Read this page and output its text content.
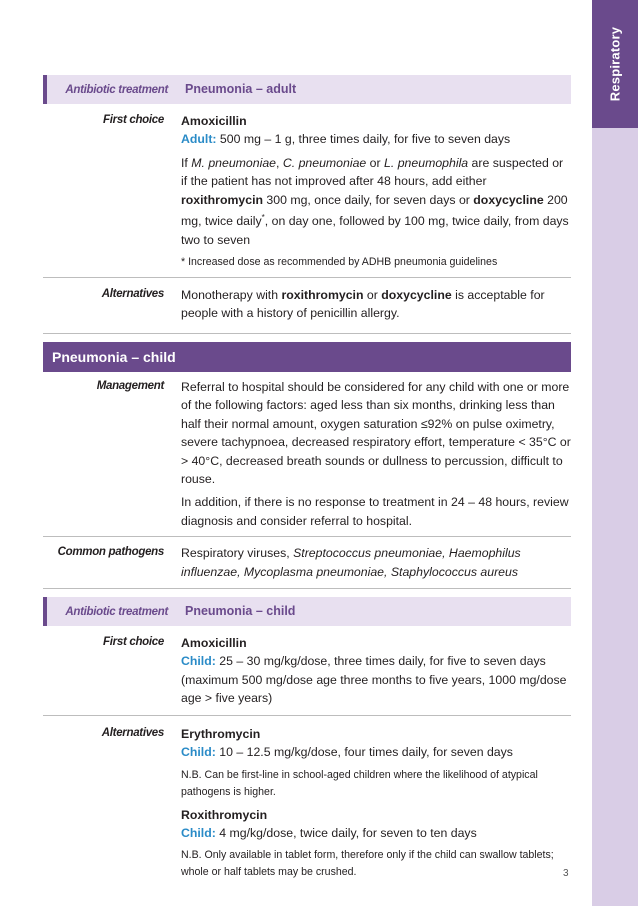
Respiratory
Antibiotic treatment	Pneumonia – adult
First choice	Amoxicillin
Adult: 500 mg – 1 g, three times daily, for five to seven days
If M. pneumoniae, C. pneumoniae or L. pneumophila are suspected or if the patient has not improved after 48 hours, add either roxithromycin 300 mg, once daily, for seven days or doxycycline 200 mg, twice daily*, on day one, followed by 100 mg, twice daily, from days two to seven
* Increased dose as recommended by ADHB pneumonia guidelines
Alternatives	Monotherapy with roxithromycin or doxycycline is acceptable for people with a history of penicillin allergy.
Pneumonia – child
Management	Referral to hospital should be considered for any child with one or more of the following factors: aged less than six months, drinking less than half their normal amount, oxygen saturation ≤92% on pulse oximetry, severe tachypnoea, decreased respiratory effort, temperature < 35°C or > 40°C, decreased breath sounds or dullness to percussion, difficult to rouse.
In addition, if there is no response to treatment in 24 – 48 hours, review diagnosis and consider referral to hospital.
Common pathogens	Respiratory viruses, Streptococcus pneumoniae, Haemophilus influenzae, Mycoplasma pneumoniae, Staphylococcus aureus
Antibiotic treatment	Pneumonia – child
First choice	Amoxicillin
Child: 25 – 30 mg/kg/dose, three times daily, for five to seven days (maximum 500 mg/dose age three months to five years, 1000 mg/dose age > five years)
Alternatives	Erythromycin
Child: 10 – 12.5 mg/kg/dose, four times daily, for seven days
N.B. Can be first-line in school-aged children where the likelihood of atypical pathogens is higher.
Roxithromycin
Child: 4 mg/kg/dose, twice daily, for seven to ten days
N.B. Only available in tablet form, therefore only if the child can swallow tablets; whole or half tablets may be crushed.	3
